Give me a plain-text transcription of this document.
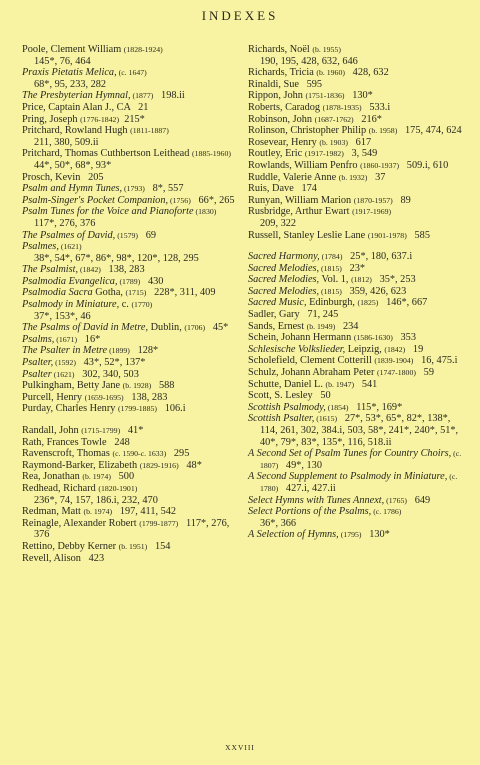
INDEXES
Poole, Clement William (1828-1924)
145*, 76, 464
Praxis Pietatis Melica, (c. 1647)
68*, 95, 233, 282
The Presbyterian Hymnal, (1877)   198.ii
Price, Captain Alan J., CA   21
Pring, Joseph (1776-1842)  215*
Pritchard, Rowland Hugh (1811-1887)
211, 380, 509.ii
Pritchard, Thomas Cuthbertson Leithead (1885-1960)  44*, 50*, 68*, 93*
Prosch, Kevin   205
Psalm and Hymn Tunes, (1793)   8*, 557
Psalm-Singer's Pocket Companion, (1756)   66*, 265
Psalm Tunes for the Voice and Pianoforte (1830)   117*, 276, 376
The Psalmes of David, (1579)   69
Psalmes, (1621)
38*, 54*, 67*, 86*, 98*, 120*, 128, 295
The Psalmist, (1842)   138, 283
Psalmodia Evangelica, (1789)   430
Psalmodia Sacra Gotha, (1715)   228*, 311, 409
Psalmody in Miniature, c. (1770)
37*, 153*, 46
The Psalms of David in Metre, Dublin, (1706)   45*
Psalms, (1671)   16*
The Psalter in Metre (1899)   128*
Psalter, (1592)   43*, 52*, 137*
Psalter (1621)   302, 340, 503
Pulkingham, Betty Jane (b. 1928)   588
Purcell, Henry (1659-1695)   138, 283
Purday, Charles Henry (1799-1885)   106.i
Randall, John (1715-1799)   41*
Rath, Frances Towle   248
Ravenscroft, Thomas (c. 1590-c. 1633)   295
Raymond-Barker, Elizabeth (1829-1916)   48*
Rea, Jonathan (b. 1974)   500
Redhead, Richard (1820-1901)
236*, 74, 157, 186.i, 232, 470
Redman, Matt (b. 1974)   197, 411, 542
Reinagle, Alexander Robert (1799-1877)   117*, 276, 376
Rettino, Debby Kerner (b. 1951)   154
Revell, Alison   423
Richards, Noël (b. 1955)
190, 195, 428, 632, 646
Richards, Tricia (b. 1960)   428, 632
Rinaldi, Sue   595
Rippon, John (1751-1836)   130*
Roberts, Caradog (1878-1935)   533.i
Robinson, John (1687-1762)   216*
Rolinson, Christopher Philip (b. 1958)   175, 474, 624
Rosevear, Henry (b. 1903)   617
Routley, Eric (1917-1982)   3, 549
Rowlands, William Penfro (1860-1937)   509.i, 610
Ruddle, Valerie Anne (b. 1932)   37
Ruis, Dave   174
Runyan, William Marion (1870-1957)   89
Rusbridge, Arthur Ewart (1917-1969)
209, 322
Russell, Stanley Leslie Lane (1901-1978)   585
Sacred Harmony, (1784)   25*, 180, 637.i
Sacred Melodies, (1815)   23*
Sacred Melodies, Vol. 1, (1812)   35*, 253
Sacred Melodies, (1815)   359, 426, 623
Sacred Music, Edinburgh, (1825)   146*, 667
Sadler, Gary   71, 245
Sands, Ernest (b. 1949)   234
Schein, Johann Hermann (1586-1630)   353
Schlesische Volkslieder, Leipzig, (1842)   19
Scholefield, Clement Cotterill (1839-1904)   16, 475.i
Schulz, Johann Abraham Peter (1747-1800)   59
Schutte, Daniel L. (b. 1947)   541
Scott, S. Lesley   50
Scottish Psalmody, (1854)   115*, 169*
Scottish Psalter, (1615)   27*, 53*, 65*, 82*, 138*, 114, 261, 302, 384.i, 503, 58*, 241*, 240*, 51*, 40*, 79*, 83*, 135*, 116, 518.ii
A Second Set of Psalm Tunes for Country Choirs, (c. 1807)   49*, 130
A Second Supplement to Psalmody in Miniature, (c. 1780)   427.i, 427.ii
Select Hymns with Tunes Annext, (1765)   649
Select Portions of the Psalms, (c. 1786)
36*, 366
A Selection of Hymns, (1795)   130*
XXVIII
